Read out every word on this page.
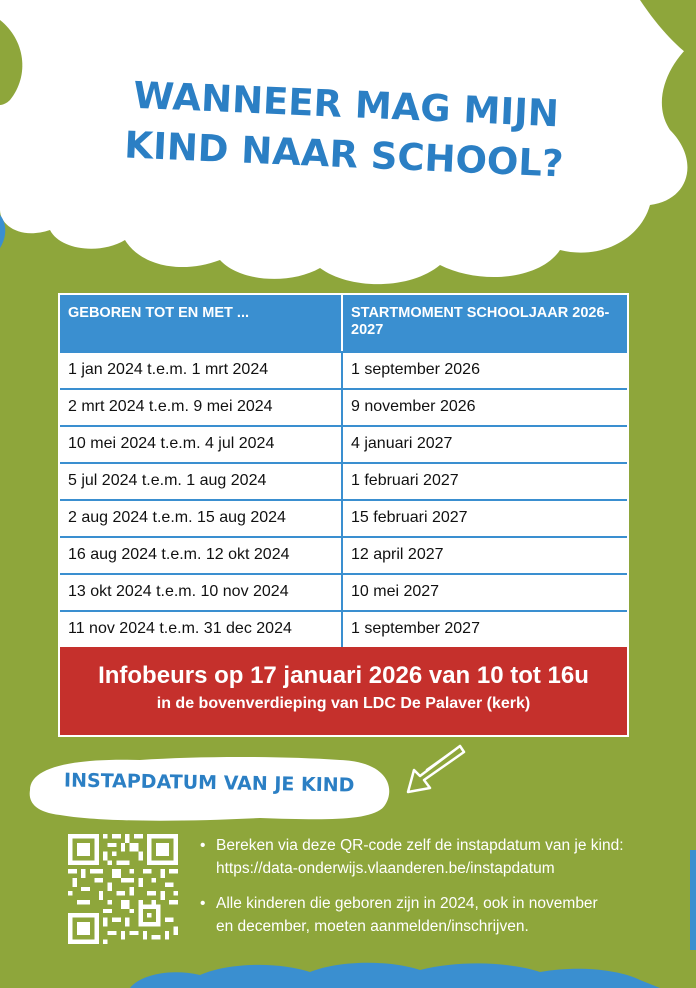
WANNEER MAG MIJN
KIND NAAR SCHOOL?
GEBOREN TOT EN MET ...	STARTMOMENT SCHOOLJAAR 2026-2027
1 jan 2024 t.e.m. 1 mrt 2024	1 september 2026
2 mrt 2024 t.e.m. 9 mei 2024	9 november 2026
10 mei 2024 t.e.m. 4 jul 2024	4 januari 2027
5 jul 2024 t.e.m. 1 aug 2024	1 februari 2027
2 aug 2024 t.e.m. 15 aug 2024	15 februari 2027
16 aug 2024 t.e.m. 12 okt 2024	12 april 2027
13 okt 2024 t.e.m. 10 nov 2024	10 mei 2027
11 nov 2024 t.e.m. 31 dec 2024	1 september 2027
Infobeurs op 17 januari 2026 van 10 tot 16u
in de bovenverdieping van LDC De Palaver (kerk)
INSTAPDATUM VAN JE KIND
• Bereken via deze QR-code zelf de instapdatum van je kind:
https://data-onderwijs.vlaanderen.be/instapdatum
• Alle kinderen die geboren zijn in 2024, ook in november
en december, moeten aanmelden/inschrijven.
